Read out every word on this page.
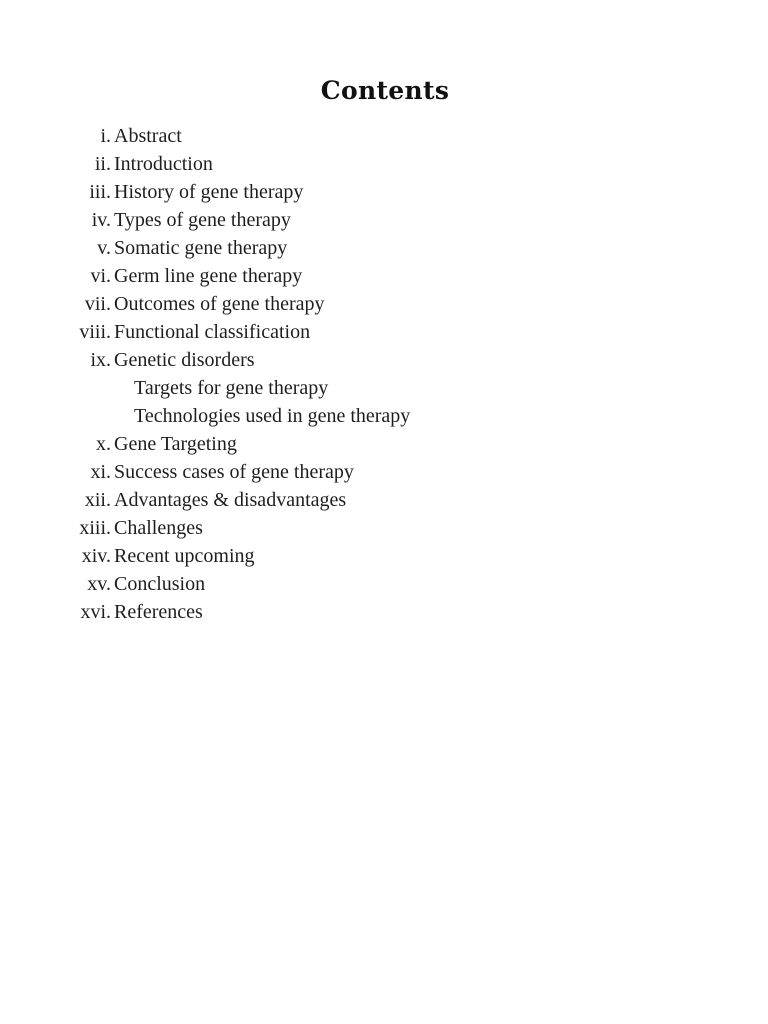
Contents
i. Abstract
ii. Introduction
iii. History of gene therapy
iv. Types of gene therapy
v. Somatic gene therapy
vi. Germ line gene therapy
vii. Outcomes of gene therapy
viii. Functional classification
ix. Genetic disorders
Targets for gene therapy
Technologies used in gene therapy
x. Gene Targeting
xi. Success cases of gene therapy
xii. Advantages & disadvantages
xiii. Challenges
xiv. Recent upcoming
xv. Conclusion
xvi. References
